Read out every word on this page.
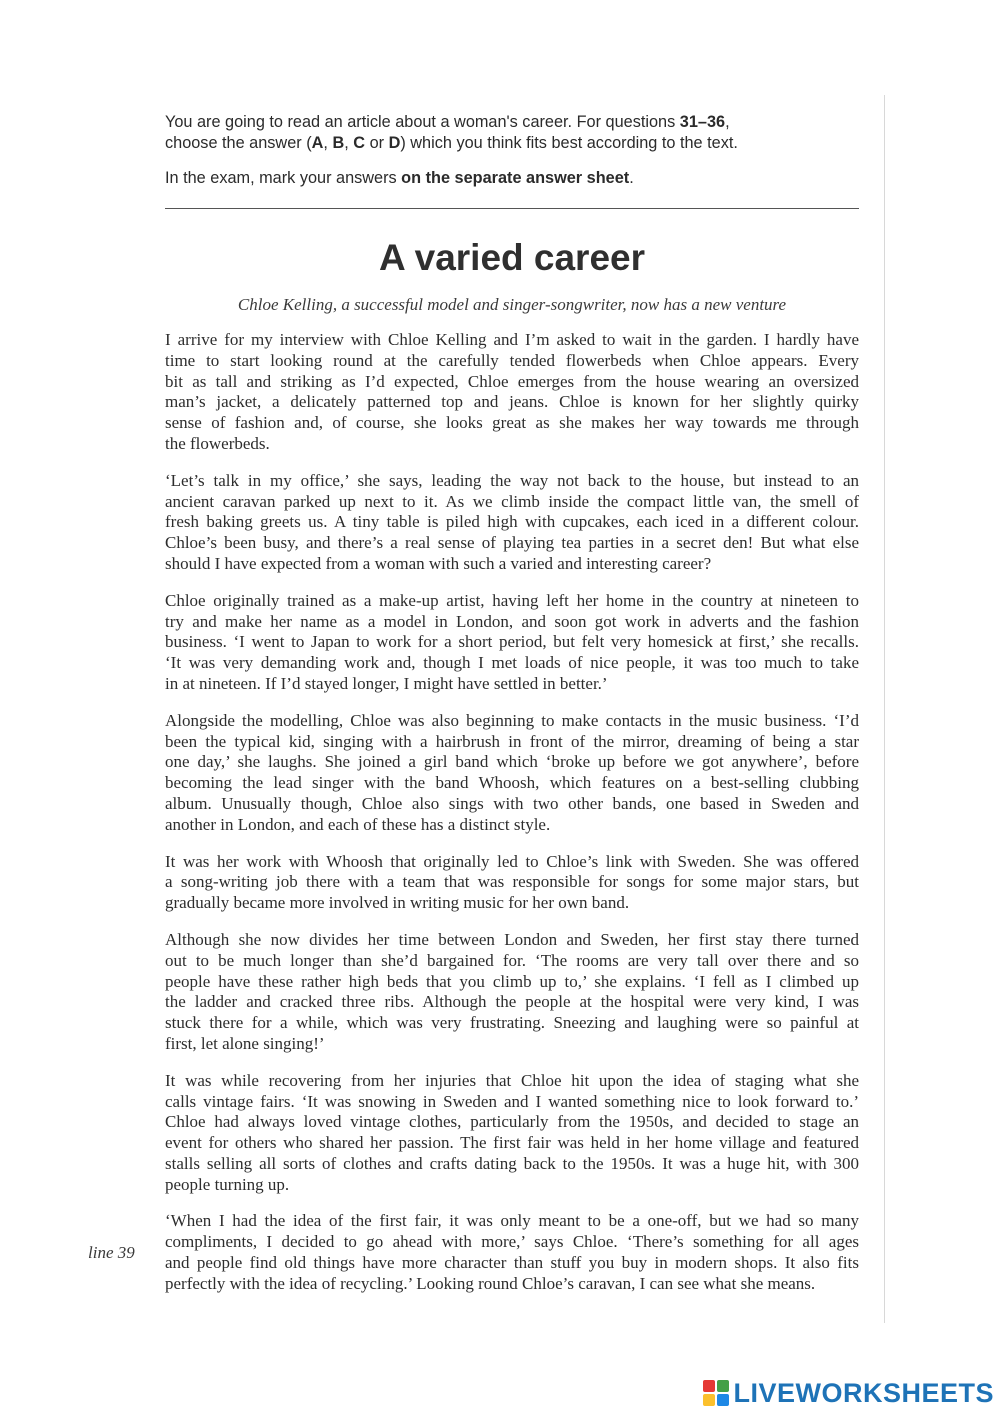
You are going to read an article about a woman's career. For questions 31–36,
choose the answer (A, B, C or D) which you think fits best according to the text.

In the exam, mark your answers on the separate answer sheet.

A varied career

Chloe Kelling, a successful model and singer-songwriter, now has a new venture

I arrive for my interview with Chloe Kelling and I’m asked to wait in the garden. I hardly have
time to start looking round at the carefully tended flowerbeds when Chloe appears. Every
bit as tall and striking as I’d expected, Chloe emerges from the house wearing an oversized
man’s jacket, a delicately patterned top and jeans. Chloe is known for her slightly quirky
sense of fashion and, of course, she looks great as she makes her way towards me through
the flowerbeds.

‘Let’s talk in my office,’ she says, leading the way not back to the house, but instead to an
ancient caravan parked up next to it. As we climb inside the compact little van, the smell of
fresh baking greets us. A tiny table is piled high with cupcakes, each iced in a different colour.
Chloe’s been busy, and there’s a real sense of playing tea parties in a secret den! But what else
should I have expected from a woman with such a varied and interesting career?

Chloe originally trained as a make-up artist, having left her home in the country at nineteen to
try and make her name as a model in London, and soon got work in adverts and the fashion
business. ‘I went to Japan to work for a short period, but felt very homesick at first,’ she recalls.
‘It was very demanding work and, though I met loads of nice people, it was too much to take
in at nineteen. If I’d stayed longer, I might have settled in better.’

Alongside the modelling, Chloe was also beginning to make contacts in the music business. ‘I’d
been the typical kid, singing with a hairbrush in front of the mirror, dreaming of being a star
one day,’ she laughs. She joined a girl band which ‘broke up before we got anywhere’, before
becoming the lead singer with the band Whoosh, which features on a best-selling clubbing
album. Unusually though, Chloe also sings with two other bands, one based in Sweden and
another in London, and each of these has a distinct style.

It was her work with Whoosh that originally led to Chloe’s link with Sweden. She was offered
a song-writing job there with a team that was responsible for songs for some major stars, but
gradually became more involved in writing music for her own band.

Although she now divides her time between London and Sweden, her first stay there turned
out to be much longer than she’d bargained for. ‘The rooms are very tall over there and so
people have these rather high beds that you climb up to,’ she explains. ‘I fell as I climbed up
the ladder and cracked three ribs. Although the people at the hospital were very kind, I was
stuck there for a while, which was very frustrating. Sneezing and laughing were so painful at
first, let alone singing!’

It was while recovering from her injuries that Chloe hit upon the idea of staging what she
calls vintage fairs. ‘It was snowing in Sweden and I wanted something nice to look forward to.’
Chloe had always loved vintage clothes, particularly from the 1950s, and decided to stage an
event for others who shared her passion. The first fair was held in her home village and featured
stalls selling all sorts of clothes and crafts dating back to the 1950s. It was a huge hit, with 300
people turning up.

‘When I had the idea of the first fair, it was only meant to be a one-off, but we had so many
compliments, I decided to go ahead with more,’ says Chloe. ‘There’s something for all ages
and people find old things have more character than stuff you buy in modern shops. It also fits
perfectly with the idea of recycling.’ Looking round Chloe’s caravan, I can see what she means.

line 39
LIVEWORKSHEETS
